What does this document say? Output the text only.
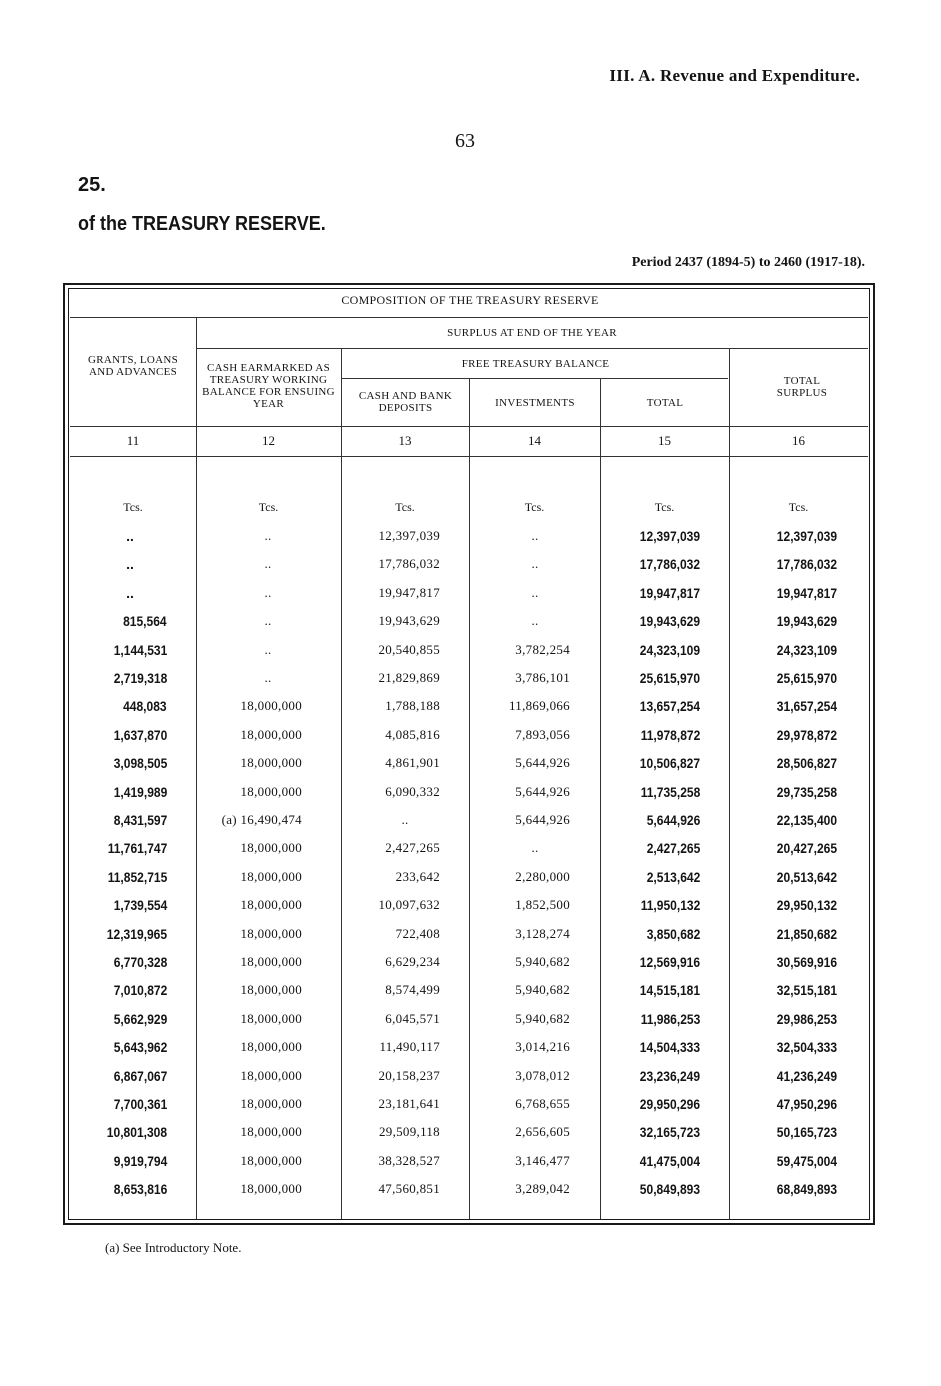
III. A. Revenue and Expenditure.
63
25.
of the TREASURY RESERVE.
Period 2437 (1894-5) to 2460 (1917-18).
COMPOSITION OF THE TREASURY RESERVE
SURPLUS AT END OF THE YEAR
FREE TREASURY BALANCE
GRANTS, LOANS AND ADVANCES	CASH EARMARKED AS TREASURY WORKING BALANCE FOR ENSUING YEAR
CASH AND BANK DEPOSITS	INVESTMENTS	TOTAL
TOTAL SURPLUS
11	12	13	14	15	16
Tcs.	Tcs.	Tcs.	Tcs.	Tcs.	Tcs.
..	..	12,397,039	..	12,397,039	12,397,039
..	..	17,786,032	..	17,786,032	17,786,032
..	..	19,947,817	..	19,947,817	19,947,817
815,564	..	19,943,629	..	19,943,629	19,943,629
1,144,531	..	20,540,855	3,782,254	24,323,109	24,323,109
2,719,318	..	21,829,869	3,786,101	25,615,970	25,615,970
448,083	18,000,000	1,788,188	11,869,066	13,657,254	31,657,254
1,637,870	18,000,000	4,085,816	7,893,056	11,978,872	29,978,872
3,098,505	18,000,000	4,861,901	5,644,926	10,506,827	28,506,827
1,419,989	18,000,000	6,090,332	5,644,926	11,735,258	29,735,258
8,431,597	(a) 16,490,474	..	5,644,926	5,644,926	22,135,400
11,761,747	18,000,000	2,427,265	..	2,427,265	20,427,265
11,852,715	18,000,000	233,642	2,280,000	2,513,642	20,513,642
1,739,554	18,000,000	10,097,632	1,852,500	11,950,132	29,950,132
12,319,965	18,000,000	722,408	3,128,274	3,850,682	21,850,682
6,770,328	18,000,000	6,629,234	5,940,682	12,569,916	30,569,916
7,010,872	18,000,000	8,574,499	5,940,682	14,515,181	32,515,181
5,662,929	18,000,000	6,045,571	5,940,682	11,986,253	29,986,253
5,643,962	18,000,000	11,490,117	3,014,216	14,504,333	32,504,333
6,867,067	18,000,000	20,158,237	3,078,012	23,236,249	41,236,249
7,700,361	18,000,000	23,181,641	6,768,655	29,950,296	47,950,296
10,801,308	18,000,000	29,509,118	2,656,605	32,165,723	50,165,723
9,919,794	18,000,000	38,328,527	3,146,477	41,475,004	59,475,004
8,653,816	18,000,000	47,560,851	3,289,042	50,849,893	68,849,893
(a) See Introductory Note.
